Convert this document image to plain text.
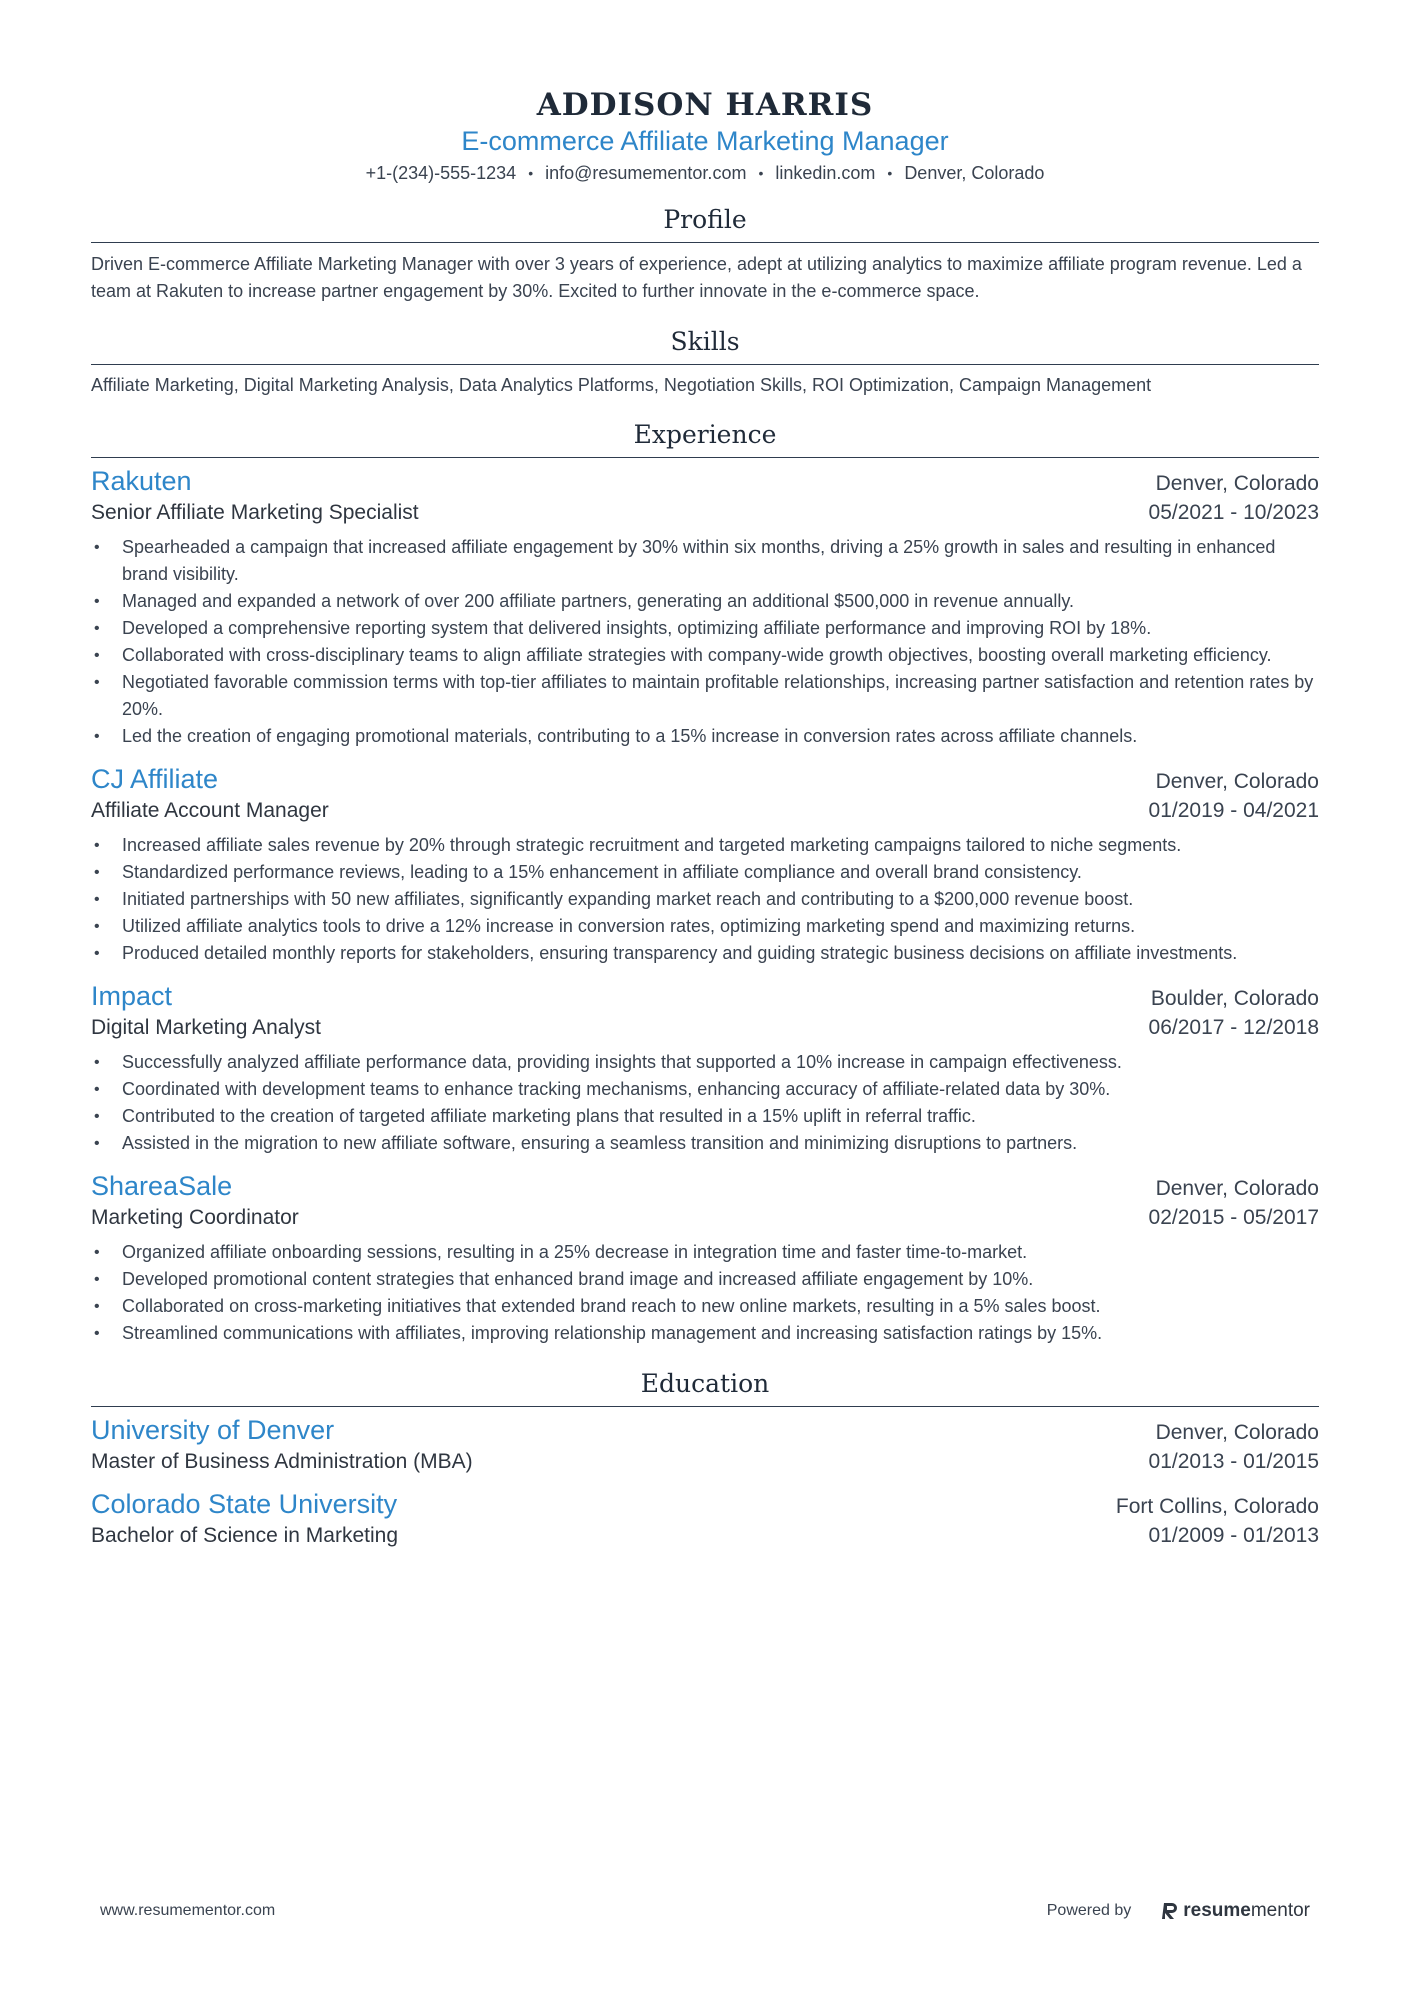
ADDISON HARRIS
E-commerce Affiliate Marketing Manager
+1-(234)-555-1234 • info@resumementor.com • linkedin.com • Denver, Colorado
Profile

Driven E-commerce Affiliate Marketing Manager with over 3 years of experience, adept at utilizing analytics to maximize affiliate program revenue. Led a team at Rakuten to increase partner engagement by 30%. Excited to further innovate in the e-commerce space.

Skills

Affiliate Marketing, Digital Marketing Analysis, Data Analytics Platforms, Negotiation Skills, ROI Optimization, Campaign Management

Experience
Rakuten	Denver, Colorado
Senior Affiliate Marketing Specialist	05/2021 - 10/2023
• Spearheaded a campaign that increased affiliate engagement by 30% within six months, driving a 25% growth in sales and resulting in enhanced brand visibility.
• Managed and expanded a network of over 200 affiliate partners, generating an additional $500,000 in revenue annually.
• Developed a comprehensive reporting system that delivered insights, optimizing affiliate performance and improving ROI by 18%.
• Collaborated with cross-disciplinary teams to align affiliate strategies with company-wide growth objectives, boosting overall marketing efficiency.
• Negotiated favorable commission terms with top-tier affiliates to maintain profitable relationships, increasing partner satisfaction and retention rates by 20%.
• Led the creation of engaging promotional materials, contributing to a 15% increase in conversion rates across affiliate channels.
CJ Affiliate	Denver, Colorado
Affiliate Account Manager	01/2019 - 04/2021
• Increased affiliate sales revenue by 20% through strategic recruitment and targeted marketing campaigns tailored to niche segments.
• Standardized performance reviews, leading to a 15% enhancement in affiliate compliance and overall brand consistency.
• Initiated partnerships with 50 new affiliates, significantly expanding market reach and contributing to a $200,000 revenue boost.
• Utilized affiliate analytics tools to drive a 12% increase in conversion rates, optimizing marketing spend and maximizing returns.
• Produced detailed monthly reports for stakeholders, ensuring transparency and guiding strategic business decisions on affiliate investments.
Impact	Boulder, Colorado
Digital Marketing Analyst	06/2017 - 12/2018
• Successfully analyzed affiliate performance data, providing insights that supported a 10% increase in campaign effectiveness.
• Coordinated with development teams to enhance tracking mechanisms, enhancing accuracy of affiliate-related data by 30%.
• Contributed to the creation of targeted affiliate marketing plans that resulted in a 15% uplift in referral traffic.
• Assisted in the migration to new affiliate software, ensuring a seamless transition and minimizing disruptions to partners.
ShareaSale	Denver, Colorado
Marketing Coordinator	02/2015 - 05/2017
• Organized affiliate onboarding sessions, resulting in a 25% decrease in integration time and faster time-to-market.
• Developed promotional content strategies that enhanced brand image and increased affiliate engagement by 10%.
• Collaborated on cross-marketing initiatives that extended brand reach to new online markets, resulting in a 5% sales boost.
• Streamlined communications with affiliates, improving relationship management and increasing satisfaction ratings by 15%.
Education
University of Denver	Denver, Colorado
Master of Business Administration (MBA)	01/2013 - 01/2015
Colorado State University	Fort Collins, Colorado
Bachelor of Science in Marketing	01/2009 - 01/2013
www.resumementor.com	Powered by	resume mentor
